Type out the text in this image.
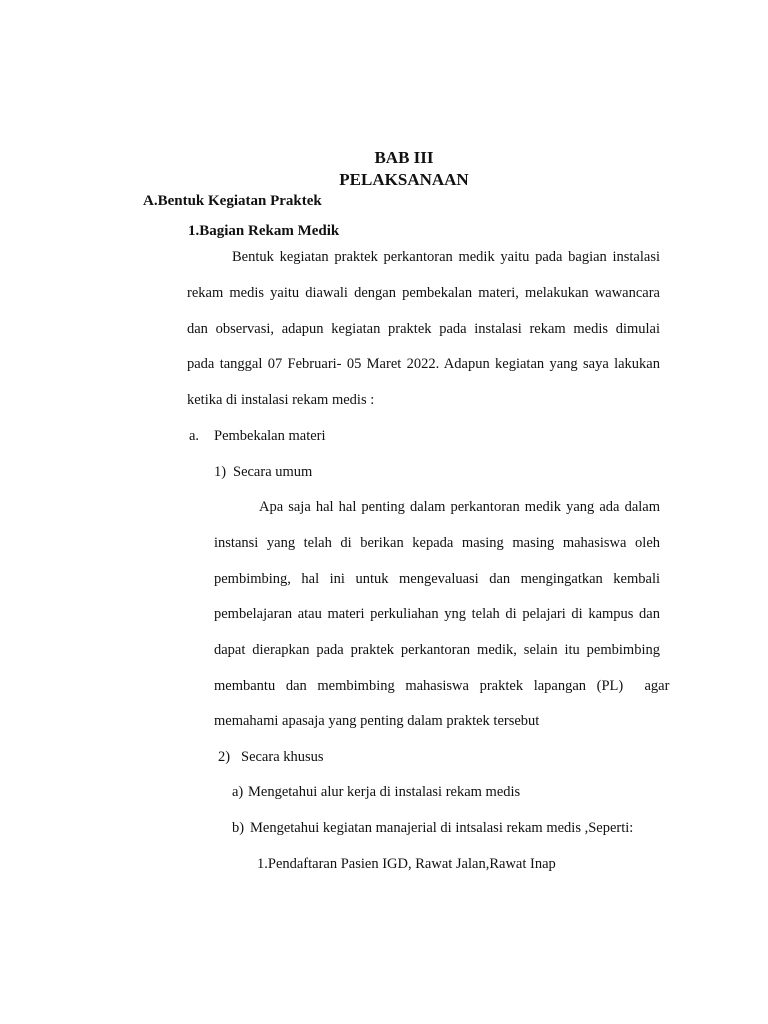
BAB III
PELAKSANAAN
A.Bentuk Kegiatan Praktek
1.Bagian Rekam Medik
Bentuk kegiatan praktek perkantoran medik yaitu pada bagian instalasi
rekam medis yaitu diawali dengan pembekalan materi, melakukan wawancara
dan observasi, adapun kegiatan praktek pada instalasi rekam medis dimulai
pada tanggal 07 Februari- 05 Maret 2022. Adapun kegiatan yang saya lakukan
ketika di instalasi rekam medis :
a. Pembekalan materi
1) Secara umum
Apa saja hal hal penting dalam perkantoran medik yang ada dalam
instansi yang telah di berikan kepada masing masing mahasiswa oleh
pembimbing, hal ini untuk mengevaluasi dan mengingatkan kembali
pembelajaran atau materi perkuliahan yng telah di pelajari di kampus dan
dapat dierapkan pada praktek perkantoran medik, selain itu pembimbing
membantu dan membimbing mahasiswa praktek lapangan (PL)  agar
memahami apasaja yang penting dalam praktek tersebut
2) Secara khusus
a) Mengetahui alur kerja di instalasi rekam medis
b) Mengetahui kegiatan manajerial di intsalasi rekam medis ,Seperti:
1.Pendaftaran Pasien IGD, Rawat Jalan,Rawat Inap
